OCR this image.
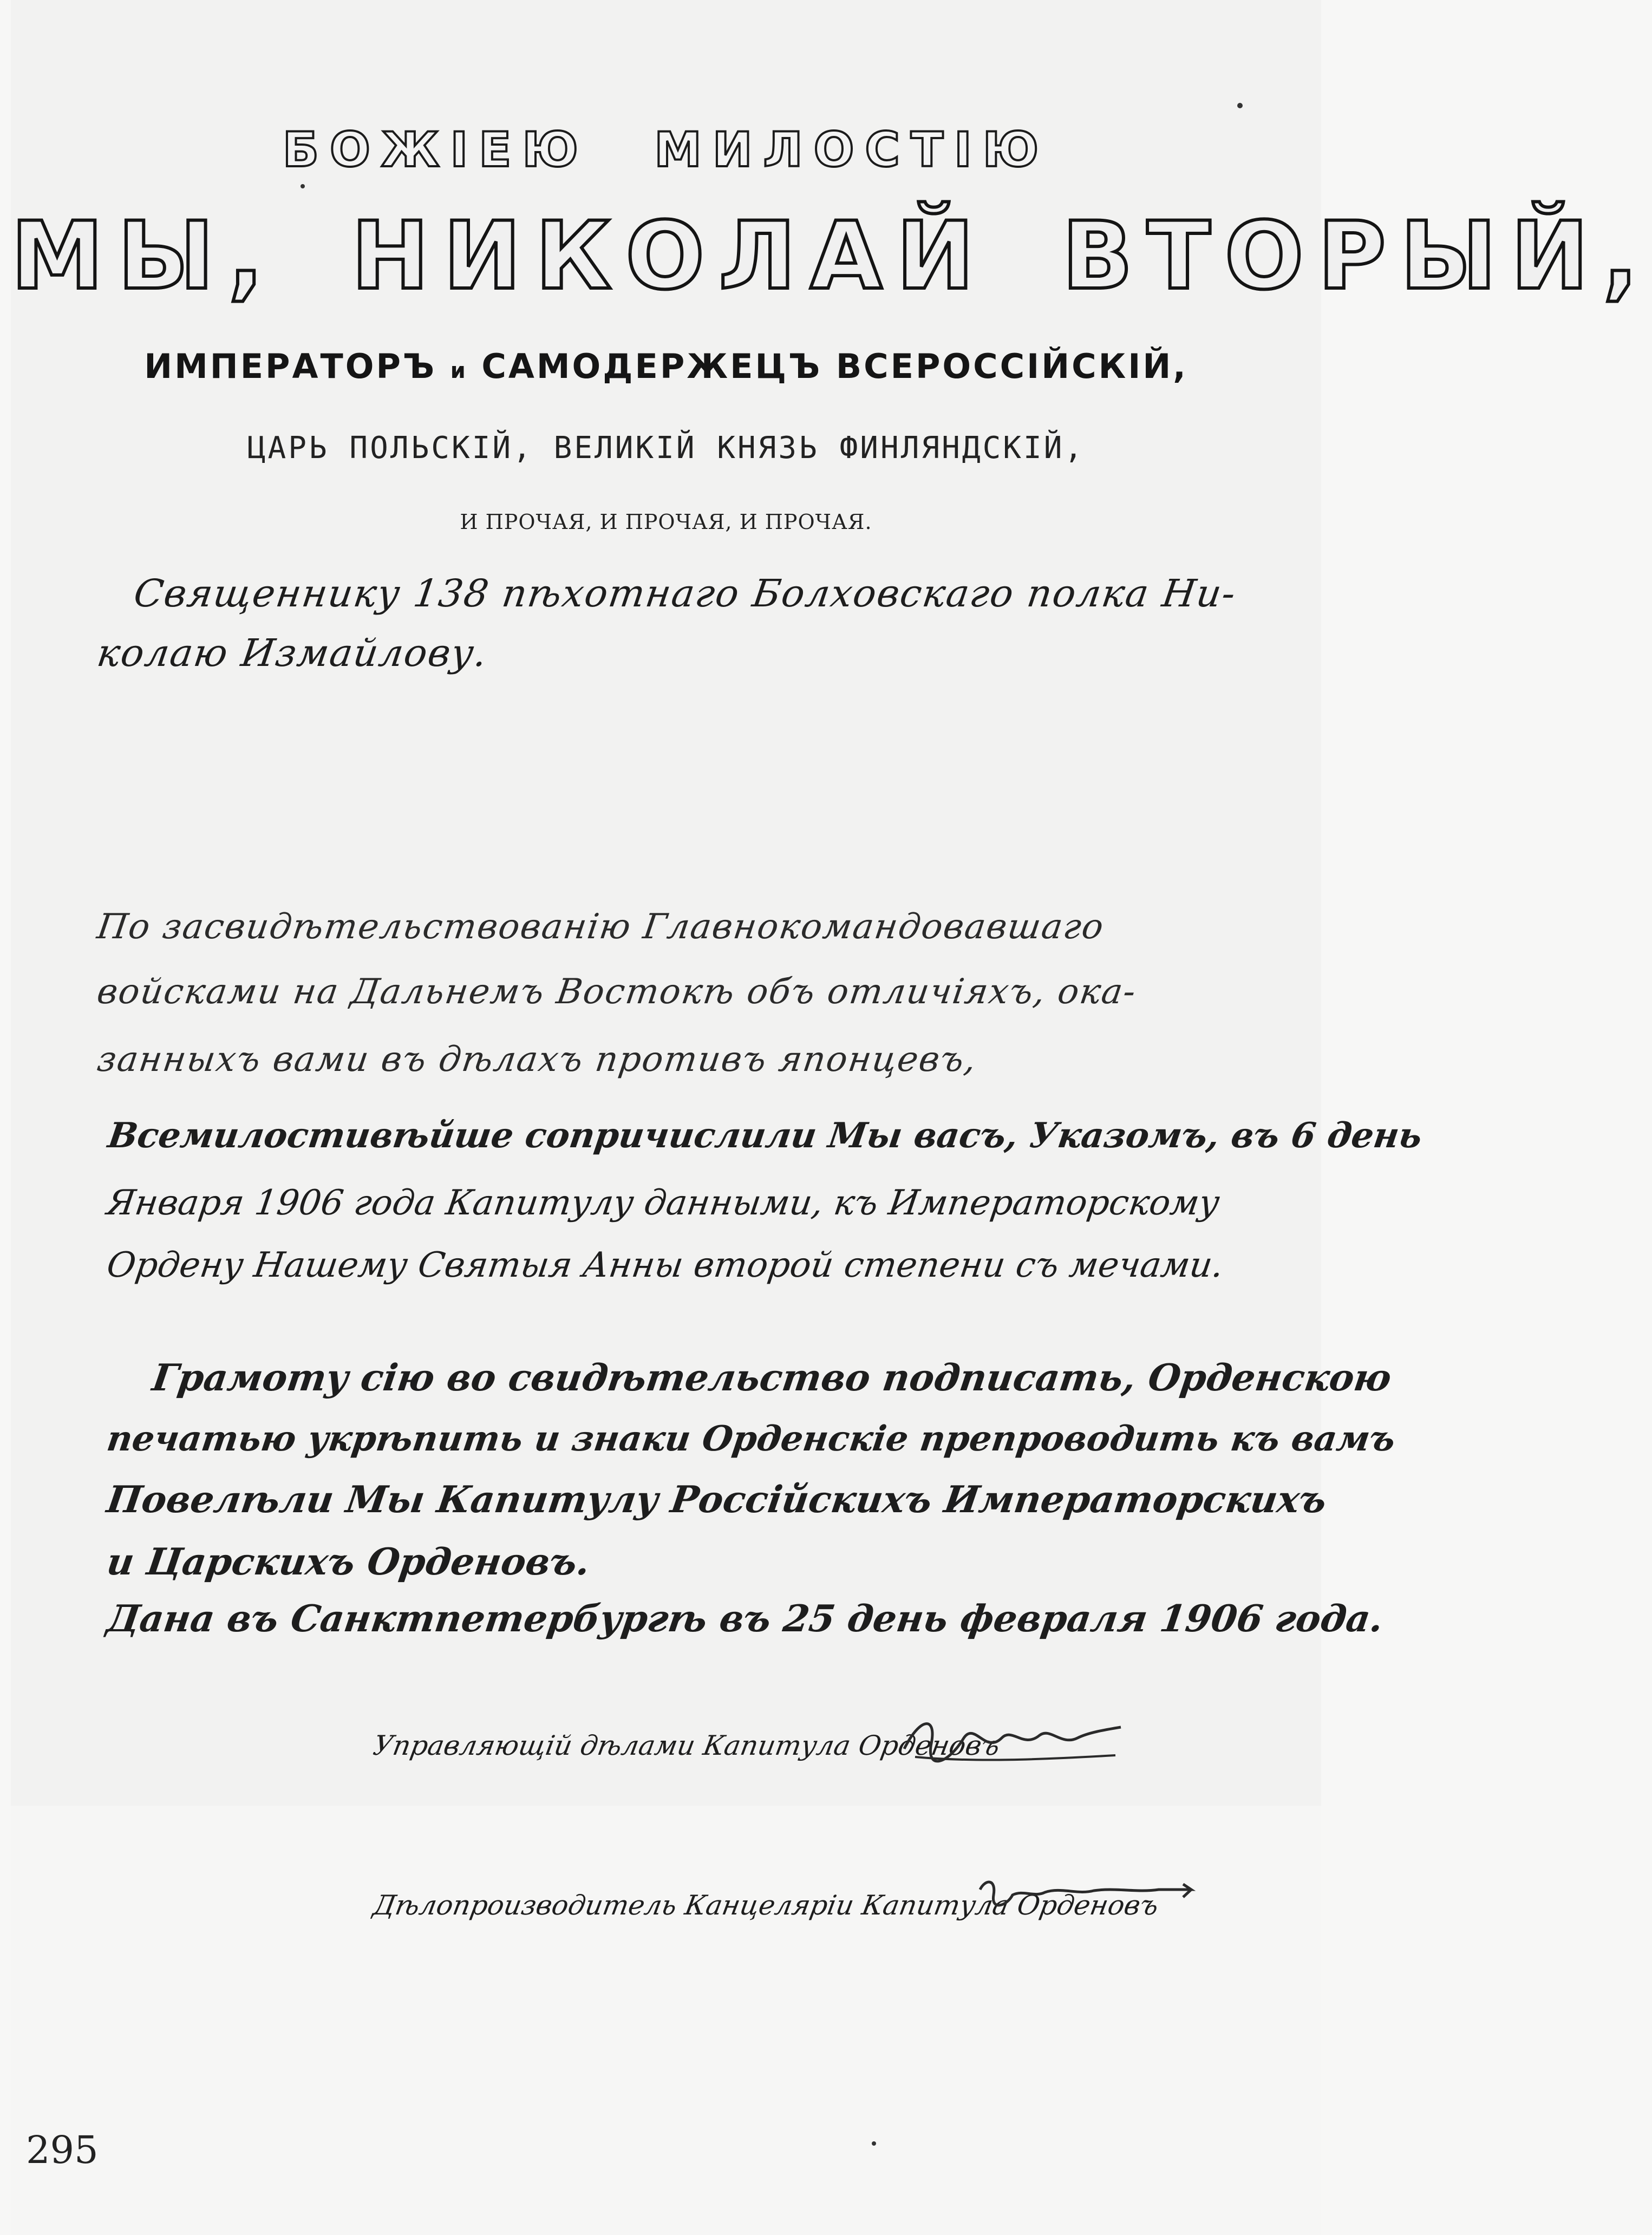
БОЖІЕЮ МИЛОСТІЮ
МЫ, НИКОЛАЙ ВТОРЫЙ,
ИМПЕРАТОРЪ и САМОДЕРЖЕЦЪ ВСЕРОССІЙСКІЙ,
ЦАРЬ ПОЛЬСКІЙ, ВЕЛИКІЙ КНЯЗЬ ФИНЛЯНДСКІЙ,
И ПРОЧАЯ, И ПРОЧАЯ, И ПРОЧАЯ.
Священнику 138 пѣхотнаго Болховскаго полка Ни-
колаю Измайлову.
По засвидѣтельствованію Главнокомандовавшаго
войсками на Дальнемъ Востокѣ объ отличіяхъ, ока-
занныхъ вами въ дѣлахъ противъ японцевъ,
Всемилостивѣйше сопричислили Мы васъ, Указомъ, въ 6 день
Января 1906 года Капитулу данными, къ Императорскому
Ордену Нашему Святыя Анны второй степени съ мечами.
Грамоту сію во свидѣтельство подписать, Орденскою
печатью укрѣпить и знаки Орденскіе препроводить къ вамъ
Повелѣли Мы Капитулу Россійскихъ Императорскихъ
и Царскихъ Орденовъ.
Дана въ Санктпетербургѣ въ 25 день февраля 1906 года.
Управляющій дѣлами Капитула Орденовъ
Дѣлопроизводитель Канцеляріи Капитула Орденовъ
295
